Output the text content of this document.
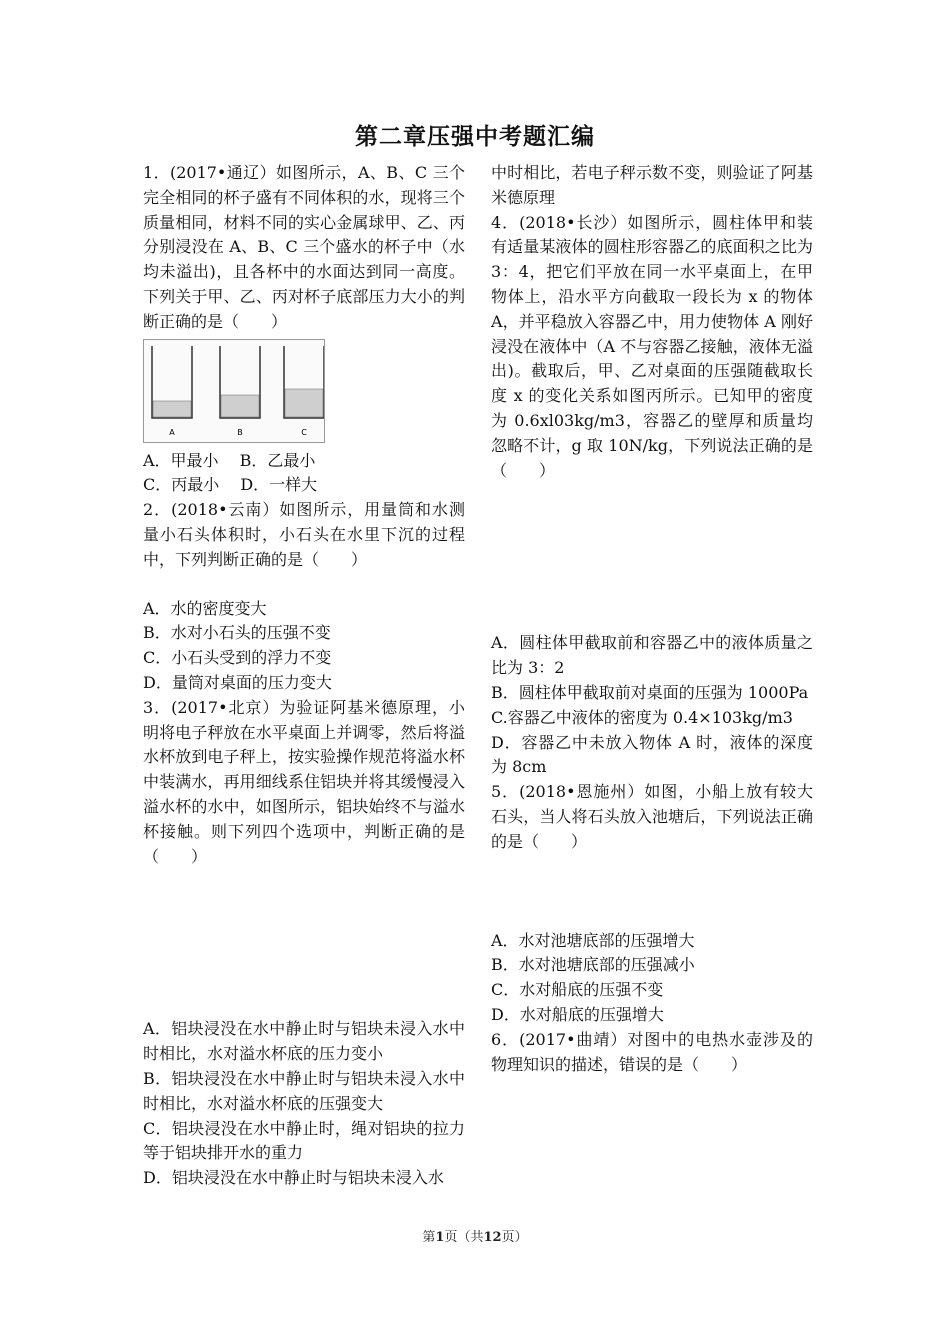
第二章压强中考题汇编

1．(2017•通辽）如图所示，A、B、C 三个完全相同的杯子盛有不同体积的水，现将三个质量相同，材料不同的实心金属球甲、乙、丙分别浸没在 A、B、C 三个盛水的杯子中（水均未溢出)，且各杯中的水面达到同一高度。下列关于甲、乙、丙对杯子底部压力大小的判断正确的是（　　）

A	B	C

A．甲最小　 B．乙最小

C．丙最小　 D．一样大

2．(2018•云南）如图所示，用量筒和水测量小石头体积时，小石头在水里下沉的过程中，下列判断正确的是（　　）

A．水的密度变大

B．水对小石头的压强不变

C．小石头受到的浮力不变

D．量筒对桌面的压力变大

3．(2017•北京）为验证阿基米德原理，小明将电子秤放在水平桌面上并调零，然后将溢水杯放到电子秤上，按实验操作规范将溢水杯中装满水，再用细线系住铝块并将其缓慢浸入溢水杯的水中，如图所示，铝块始终不与溢水杯接触。则下列四个选项中，判断正确的是（　　）

A．铝块浸没在水中静止时与铝块未浸入水中时相比，水对溢水杯底的压力变小

B．铝块浸没在水中静止时与铝块未浸入水中时相比，水对溢水杯底的压强变大

C．铝块浸没在水中静止时，绳对铝块的拉力等于铝块排开水的重力

D．铝块浸没在水中静止时与铝块未浸入水

中时相比，若电子秤示数不变，则验证了阿基米德原理

4．(2018•长沙）如图所示，圆柱体甲和装有适量某液体的圆柱形容器乙的底面积之比为 3：4，把它们平放在同一水平桌面上，在甲物体上，沿水平方向截取一段长为 x 的物体 A，并平稳放入容器乙中，用力使物体 A 刚好浸没在液体中（A 不与容器乙接触，液体无溢出)。截取后，甲、乙对桌面的压强随截取长度 x 的变化关系如图丙所示。已知甲的密度为 0.6xl03kg/m3，容器乙的壁厚和质量均忽略不计，g 取 10N/kg，下列说法正确的是（　　）

A．圆柱体甲截取前和容器乙中的液体质量之比为 3：2

B．圆柱体甲截取前对桌面的压强为 1000Pa

C.容器乙中液体的密度为 0.4×103kg/m3

D．容器乙中未放入物体 A 时，液体的深度为 8cm

5．(2018•恩施州）如图，小船上放有较大石头，当人将石头放入池塘后，下列说法正确的是（　　）

A．水对池塘底部的压强增大

B．水对池塘底部的压强减小

C．水对船底的压强不变

D．水对船底的压强增大

6．(2017•曲靖）对图中的电热水壶涉及的物理知识的描述，错误的是（　　）

第1页（共12页）
